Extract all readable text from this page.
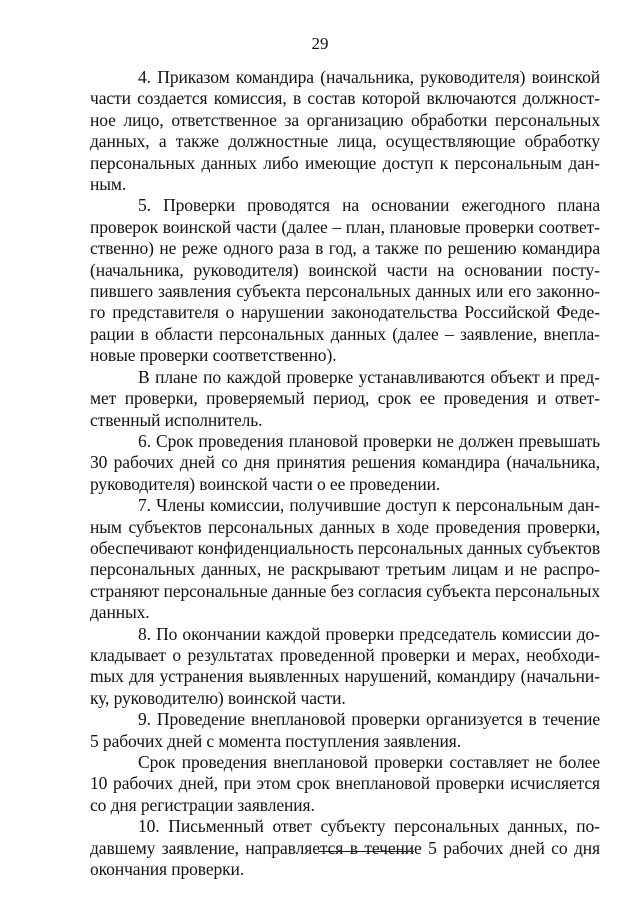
29

4. Приказом командира (начальника, руководителя) воинской части создается комиссия, в состав которой включаются должностное лицо, ответственное за организацию обработки персональных данных, а также должностные лица, осуществляющие обработку персональных данных либо имеющие доступ к персональным данным.

5. Проверки проводятся на основании ежегодного плана проверок воинской части (далее – план, плановые проверки соответственно) не реже одного раза в год, а также по решению командира (начальника, руководителя) воинской части на основании поступившего заявления субъекта персональных данных или его законного представителя о нарушении законодательства Российской Федерации в области персональных данных (далее – заявление, внеплановые проверки соответственно).

В плане по каждой проверке устанавливаются объект и предмет проверки, проверяемый период, срок ее проведения и ответственный исполнитель.

6. Срок проведения плановой проверки не должен превышать 30 рабочих дней со дня принятия решения командира (начальника, руководителя) воинской части о ее проведении.

7. Члены комиссии, получившие доступ к персональным данным субъектов персональных данных в ходе проведения проверки, обеспечивают конфиденциальность персональных данных субъектов персональных данных, не раскрывают третьим лицам и не распространяют персональные данные без согласия субъекта персональных данных.

8. По окончании каждой проверки председатель комиссии докладывает о результатах проведенной проверки и мерах, необходиmых для устранения выявленных нарушений, командиру (начальнику, руководителю) воинской части.

9. Проведение внеплановой проверки организуется в течение 5 рабочих дней с момента поступления заявления.

Срок проведения внеплановой проверки составляет не более 10 рабочих дней, при этом срок внеплановой проверки исчисляется со дня регистрации заявления.

10. Письменный ответ субъекту персональных данных, подавшему заявление, направляется в течение 5 рабочих дней со дня окончания проверки.
